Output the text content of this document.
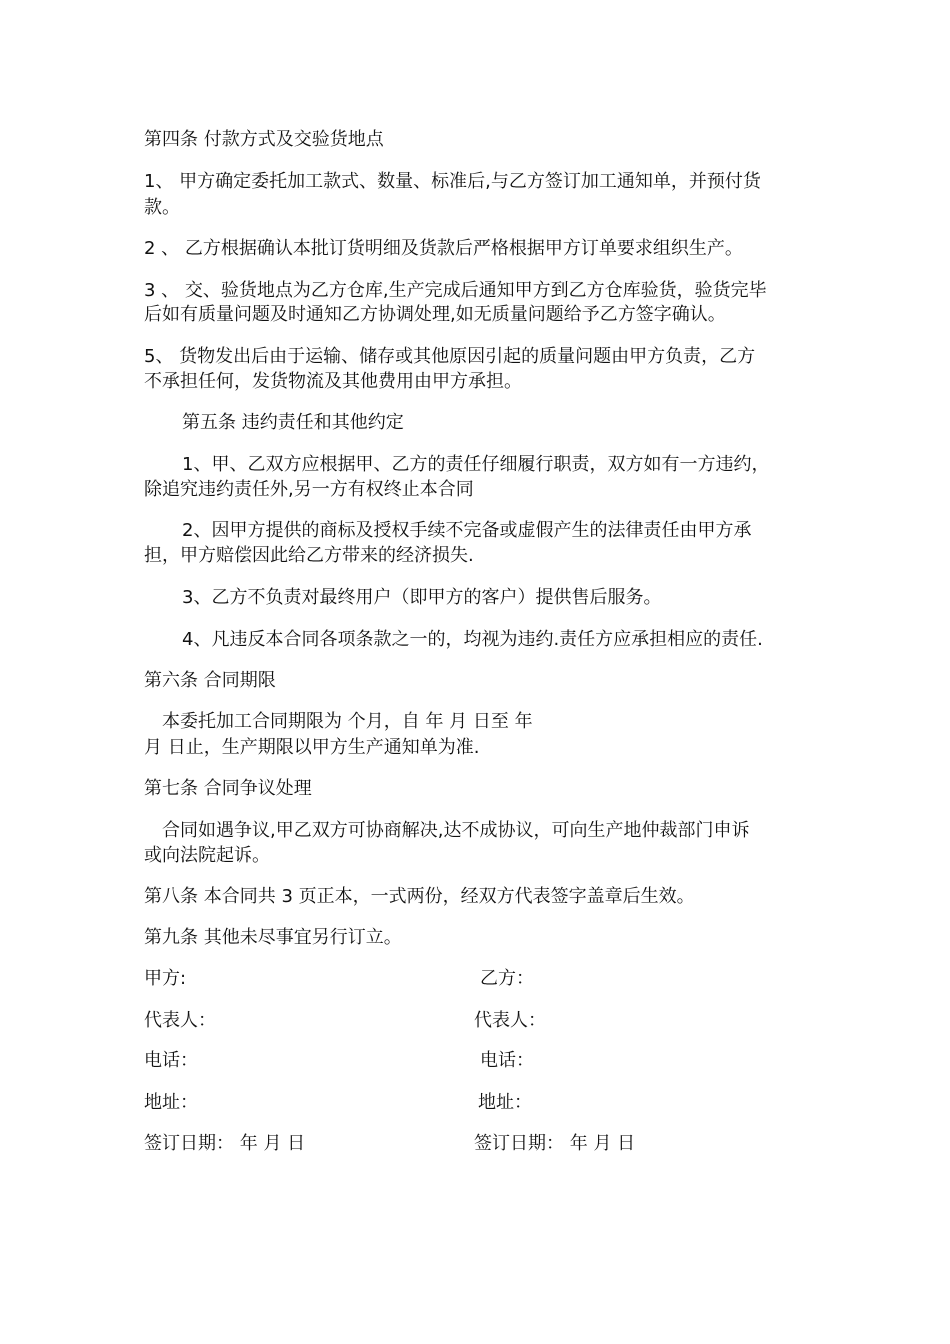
第四条 付款方式及交验货地点
1、 甲方确定委托加工款式、数量、标准后,与乙方签订加工通知单，并预付货
款。
2 、 乙方根据确认本批订货明细及货款后严格根据甲方订单要求组织生产。
3 、 交、验货地点为乙方仓库,生产完成后通知甲方到乙方仓库验货，验货完毕
后如有质量问题及时通知乙方协调处理,如无质量问题给予乙方签字确认。
5、 货物发出后由于运输、储存或其他原因引起的质量问题由甲方负责，乙方
不承担任何，发货物流及其他费用由甲方承担。
第五条 违约责任和其他约定
1、甲、乙双方应根据甲、乙方的责任仔细履行职责，双方如有一方违约，
除追究违约责任外,另一方有权终止本合同
2、因甲方提供的商标及授权手续不完备或虚假产生的法律责任由甲方承
担，甲方赔偿因此给乙方带来的经济损失.
3、乙方不负责对最终用户（即甲方的客户）提供售后服务。
4、凡违反本合同各项条款之一的，均视为违约.责任方应承担相应的责任.
第六条 合同期限
本委托加工合同期限为 个月，自 年 月 日至 年
月 日止，生产期限以甲方生产通知单为准.
第七条 合同争议处理
合同如遇争议,甲乙双方可协商解决,达不成协议，可向生产地仲裁部门申诉
或向法院起诉。
第八条 本合同共 3 页正本，一式两份，经双方代表签字盖章后生效。
第九条 其他未尽事宜另行订立。
甲方:	乙方：
代表人：	代表人：
电话：	电话：
地址：	地址：
签订日期： 年 月 日	签订日期： 年 月 日
